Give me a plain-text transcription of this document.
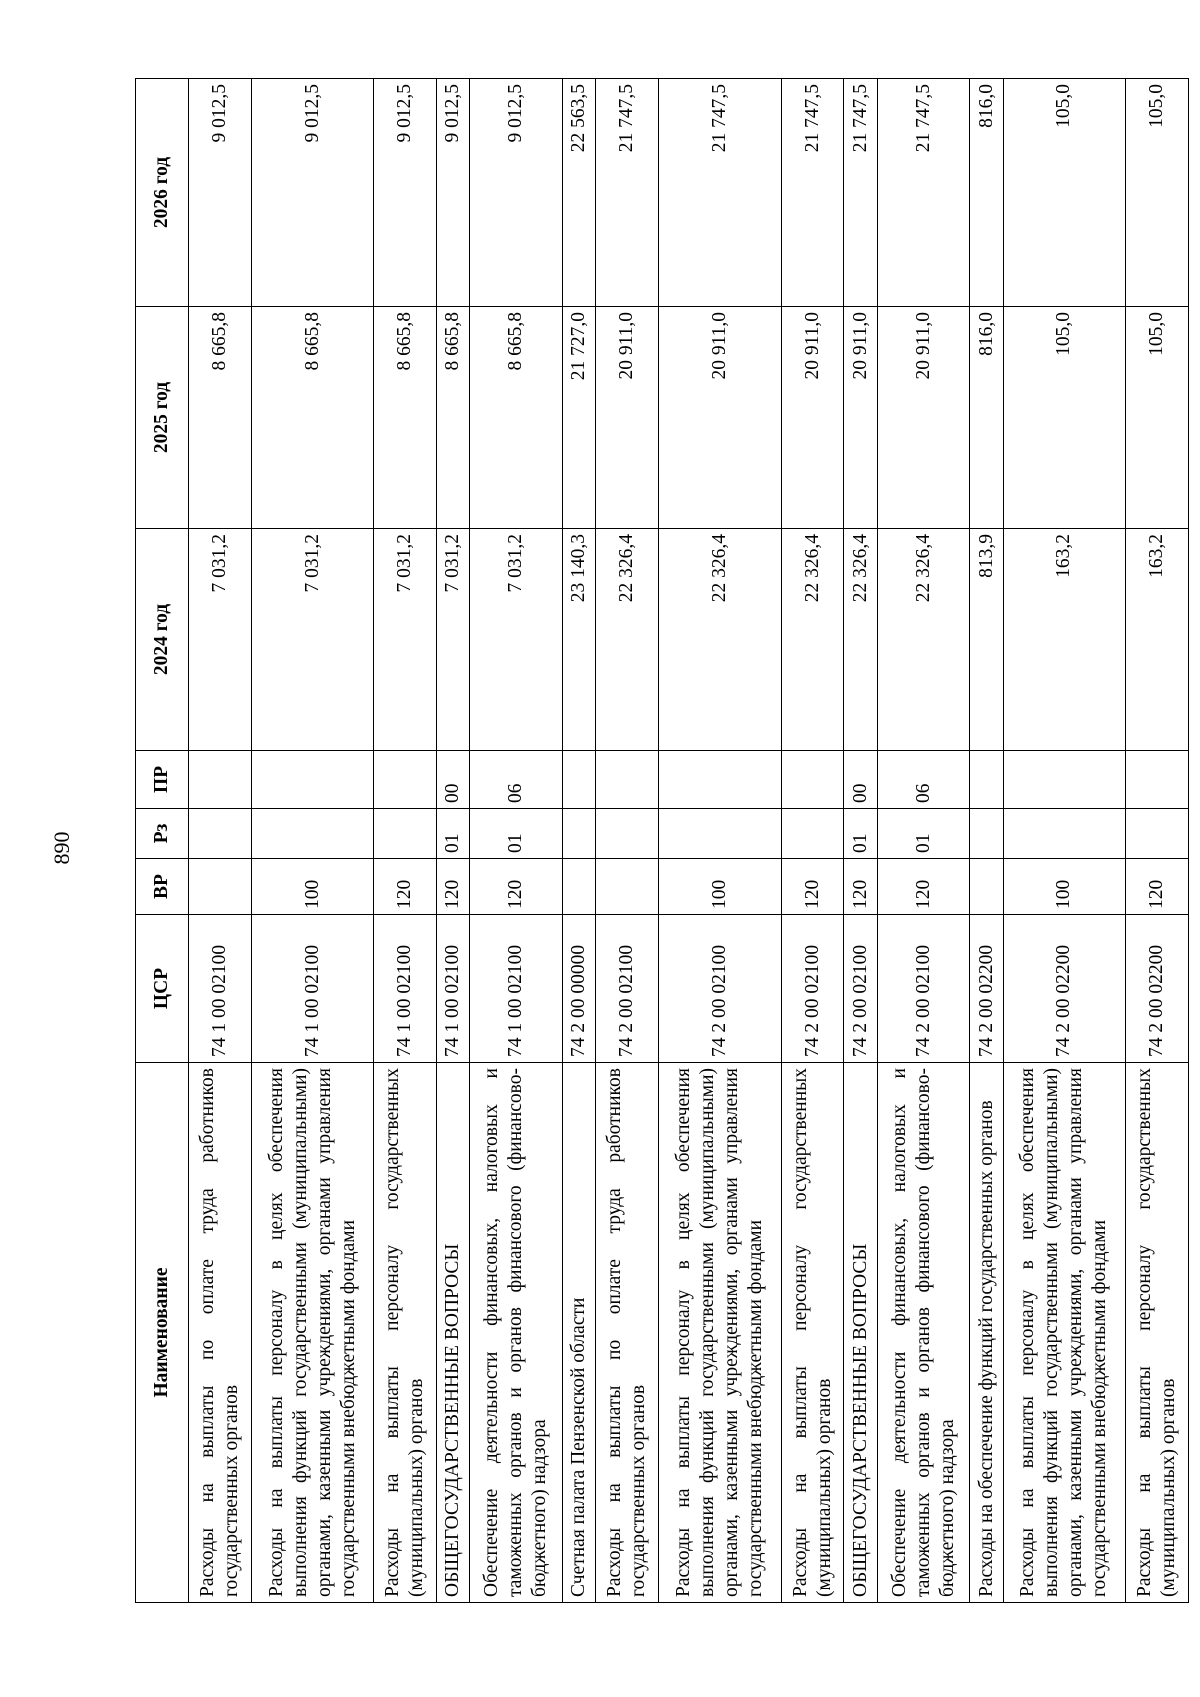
890
Наименование	ЦСР	ВР	Рз	ПР	2024 год	2025 год	2026 год
Расходы на выплаты по оплате труда работников государственных органов	74 1 00 02100				7 031,2	8 665,8	9 012,5
Расходы на выплаты персоналу в целях обеспечения выполнения функций государственными (муниципальными) органами, казенными учреждениями, органами управления государственными внебюджетными фондами	74 1 00 02100	100			7 031,2	8 665,8	9 012,5
Расходы на выплаты персоналу государственных (муниципальных) органов	74 1 00 02100	120			7 031,2	8 665,8	9 012,5
ОБЩЕГОСУДАРСТВЕННЫЕ ВОПРОСЫ	74 1 00 02100	120	01	00	7 031,2	8 665,8	9 012,5
Обеспечение деятельности финансовых, налоговых и таможенных органов и органов финансового (финансово-бюджетного) надзора	74 1 00 02100	120	01	06	7 031,2	8 665,8	9 012,5
Счетная палата Пензенской области	74 2 00 00000				23 140,3	21 727,0	22 563,5
Расходы на выплаты по оплате труда работников государственных органов	74 2 00 02100				22 326,4	20 911,0	21 747,5
Расходы на выплаты персоналу в целях обеспечения выполнения функций государственными (муниципальными) органами, казенными учреждениями, органами управления государственными внебюджетными фондами	74 2 00 02100	100			22 326,4	20 911,0	21 747,5
Расходы на выплаты персоналу государственных (муниципальных) органов	74 2 00 02100	120			22 326,4	20 911,0	21 747,5
ОБЩЕГОСУДАРСТВЕННЫЕ ВОПРОСЫ	74 2 00 02100	120	01	00	22 326,4	20 911,0	21 747,5
Обеспечение деятельности финансовых, налоговых и таможенных органов и органов финансового (финансово-бюджетного) надзора	74 2 00 02100	120	01	06	22 326,4	20 911,0	21 747,5
Расходы на обеспечение функций государственных органов	74 2 00 02200				813,9	816,0	816,0
Расходы на выплаты персоналу в целях обеспечения выполнения функций государственными (муниципальными) органами, казенными учреждениями, органами управления государственными внебюджетными фондами	74 2 00 02200	100			163,2	105,0	105,0
Расходы на выплаты персоналу государственных (муниципальных) органов	74 2 00 02200	120			163,2	105,0	105,0
